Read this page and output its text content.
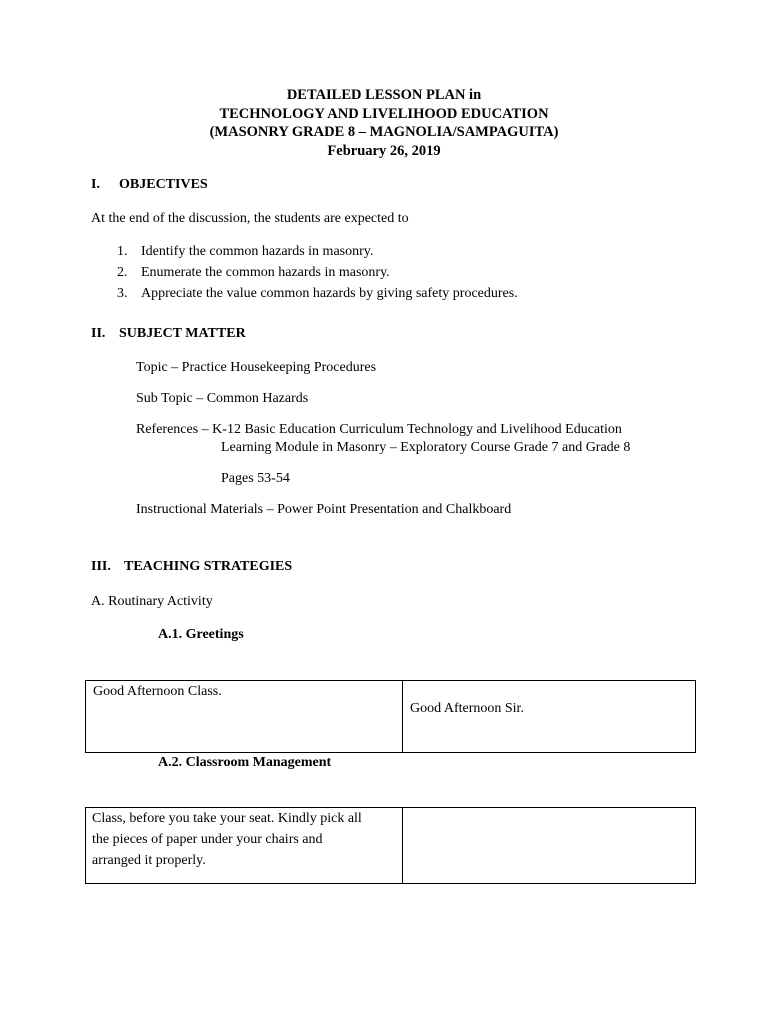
DETAILED LESSON PLAN in
TECHNOLOGY AND LIVELIHOOD EDUCATION
(MASONRY GRADE 8 – MAGNOLIA/SAMPAGUITA)
February 26, 2019
I. OBJECTIVES
At the end of the discussion, the students are expected to
1. Identify the common hazards in masonry.
2. Enumerate the common hazards in masonry.
3. Appreciate the value common hazards by giving safety procedures.
II. SUBJECT MATTER
Topic – Practice Housekeeping Procedures
Sub Topic – Common Hazards
References – K-12 Basic Education Curriculum Technology and Livelihood Education
Learning Module in Masonry – Exploratory Course Grade 7 and Grade 8
Pages 53-54
Instructional Materials – Power Point Presentation and Chalkboard
III. TEACHING STRATEGIES
A. Routinary Activity
A.1. Greetings
Good Afternoon Class.	Good Afternoon Sir.
A.2. Classroom Management
Class, before you take your seat. Kindly pick all
the pieces of paper under your chairs and
arranged it properly.
